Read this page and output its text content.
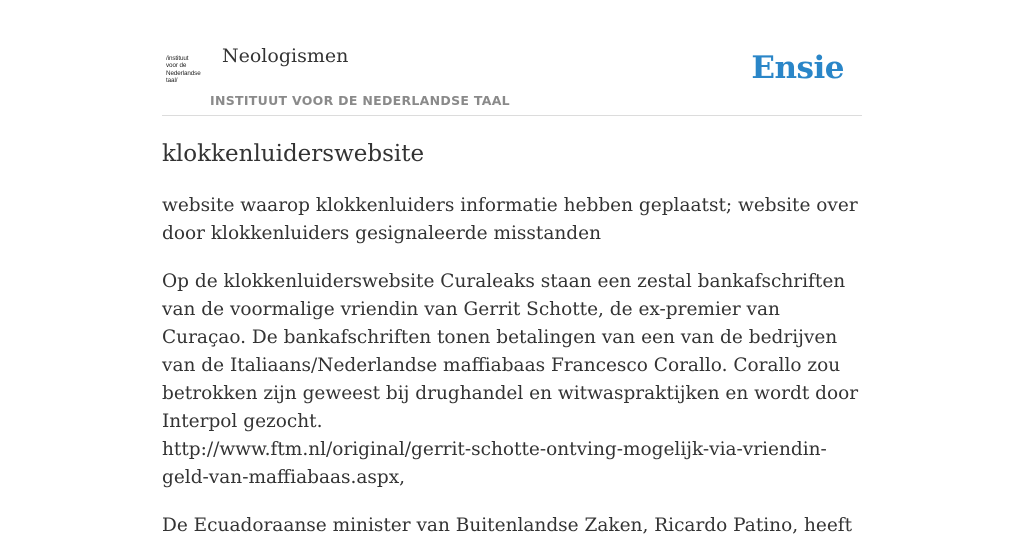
/instituut
voor de
Nederlandse
taal/
Neologismen
INSTITUUT VOOR DE NEDERLANDSE TAAL
Ensie
klokkenluiderswebsite

website waarop klokkenluiders informatie hebben geplaatst; website over door klokkenluiders gesignaleerde misstanden

Op de klokkenluiderswebsite Curaleaks staan een zestal bankafschriften van de voormalige vriendin van Gerrit Schotte, de ex-premier van Curaçao. De bankafschriften tonen betalingen van een van de bedrijven van de Italiaans/Nederlandse maffiabaas Francesco Corallo. Corallo zou betrokken zijn geweest bij drughandel en witwaspraktijken en wordt door Interpol gezocht.
http://www.ftm.nl/original/gerrit-schotte-ontving-mogelijk-via-vriendin-geld-van-maffiabaas.aspx,

De Ecuadoraanse minister van Buitenlandse Zaken, Ricardo Patino, heeft
